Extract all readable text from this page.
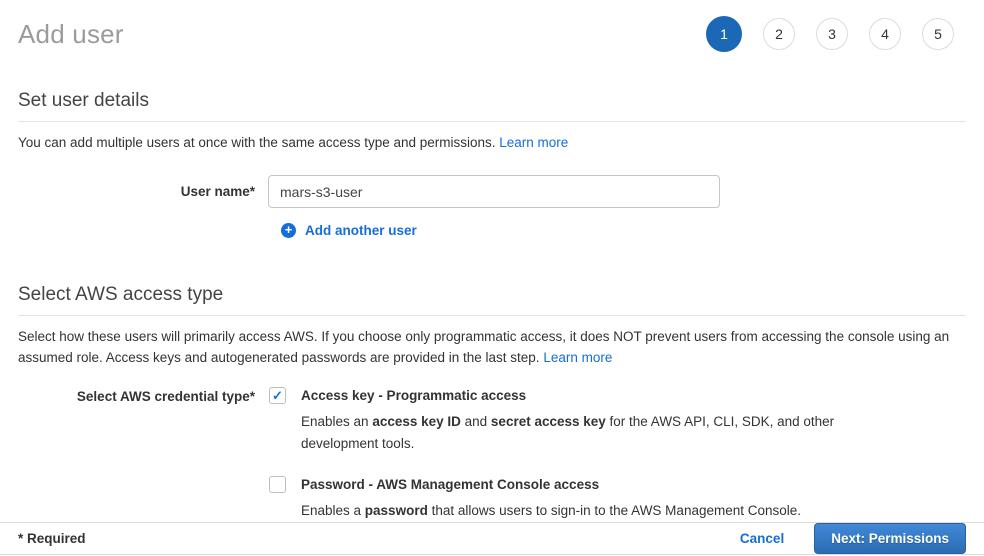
Add user	1	2	3	4	5
Set user details

You can add multiple users at once with the same access type and permissions. Learn more

User name*
mars-s3-user
+ Add another user
Select AWS access type

Select how these users will primarily access AWS. If you choose only programmatic access, it does NOT prevent users from accessing the console using an assumed role. Access keys and autogenerated passwords are provided in the last step. Learn more

Select AWS credential type*	✓ Access key - Programmatic access
Enables an access key ID and secret access key for the AWS API, CLI, SDK, and other development tools.
Password - AWS Management Console access
Enables a password that allows users to sign-in to the AWS Management Console.
* Required	Cancel	Next: Permissions
